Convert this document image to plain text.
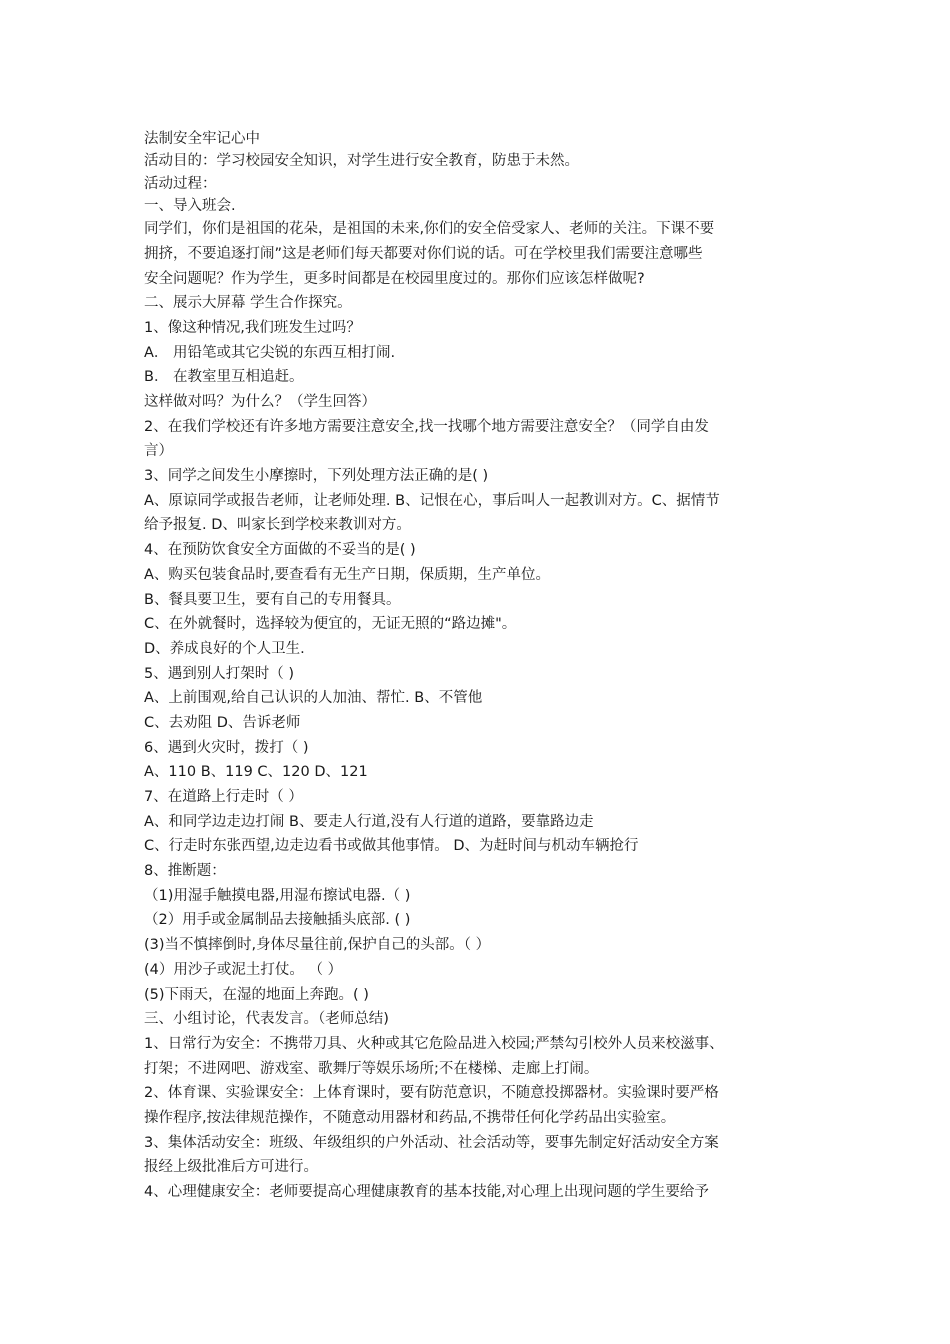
法制安全牢记心中
活动目的：学习校园安全知识，对学生进行安全教育，防患于未然。
活动过程：
一、导入班会.
同学们，你们是祖国的花朵，是祖国的未来,你们的安全倍受家人、老师的关注。下课不要
拥挤，不要追逐打闹”这是老师们每天都要对你们说的话。可在学校里我们需要注意哪些
安全问题呢？作为学生，更多时间都是在校园里度过的。那你们应该怎样做呢?
二、展示大屏幕 学生合作探究。
1、像这种情况,我们班发生过吗？
A． 用铅笔或其它尖锐的东西互相打闹.
B． 在教室里互相追赶。
这样做对吗？为什么？（学生回答）
2、在我们学校还有许多地方需要注意安全,找一找哪个地方需要注意安全？（同学自由发
言）
3、同学之间发生小摩擦时，下列处理方法正确的是( )
A、原谅同学或报告老师，让老师处理. B、记恨在心，事后叫人一起教训对方。C、据情节
给予报复. D、叫家长到学校来教训对方。
4、在预防饮食安全方面做的不妥当的是( )
A、购买包装食品时,要查看有无生产日期，保质期，生产单位。
B、餐具要卫生，要有自己的专用餐具。
C、在外就餐时，选择较为便宜的，无证无照的“路边摊"。
D、养成良好的个人卫生.
5、遇到别人打架时（ )
A、上前围观,给自己认识的人加油、帮忙. B、不管他
C、去劝阻 D、告诉老师
6、遇到火灾时，拨打（ )
A、110 B、119 C、120 D、121
7、在道路上行走时（ ）
A、和同学边走边打闹 B、要走人行道,没有人行道的道路，要靠路边走
C、行走时东张西望,边走边看书或做其他事情。 D、为赶时间与机动车辆抢行
8、推断题：
（1)用湿手触摸电器,用湿布擦试电器.（ )
（2）用手或金属制品去接触插头底部. ( )
(3)当不慎摔倒时,身体尽量往前,保护自己的头部。（ ）
(4）用沙子或泥土打仗。 （ ）
(5)下雨天，在湿的地面上奔跑。( )
三、小组讨论，代表发言。（老师总结)
1、日常行为安全：不携带刀具、火种或其它危险品进入校园;严禁勾引校外人员来校滋事、
打架；不进网吧、游戏室、歌舞厅等娱乐场所;不在楼梯、走廊上打闹。
2、体育课、实验课安全：上体育课时，要有防范意识，不随意投掷器材。实验课时要严格
操作程序,按法律规范操作，不随意动用器材和药品,不携带任何化学药品出实验室。
3、集体活动安全：班级、年级组织的户外活动、社会活动等，要事先制定好活动安全方案
报经上级批准后方可进行。
4、心理健康安全：老师要提高心理健康教育的基本技能,对心理上出现问题的学生要给予
